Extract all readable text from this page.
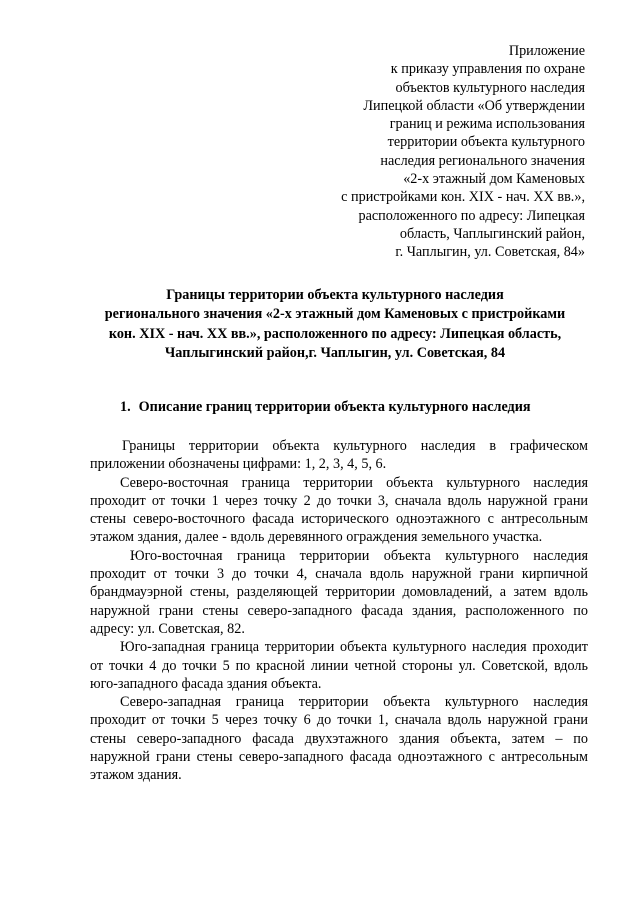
Приложение
к приказу управления по охране
объектов культурного наследия
Липецкой области «Об утверждении
границ и режима использования
территории объекта культурного
наследия регионального значения
«2-х этажный дом Каменовых
с пристройками кон. XIX - нач. XX вв.»,
расположенного по адресу: Липецкая
область, Чаплыгинский район,
г. Чаплыгин, ул. Советская, 84»
Границы территории объекта культурного наследия
регионального значения «2-х этажный дом Каменовых с пристройками
кон. XIX - нач. XX вв.», расположенного по адресу: Липецкая область,
Чаплыгинский район,г. Чаплыгин, ул. Советская, 84
1. Описание границ территории объекта культурного наследия

Границы территории объекта культурного наследия в графическом приложении обозначены цифрами: 1, 2, 3, 4, 5, 6.

Северо-восточная граница территории объекта культурного наследия проходит от точки 1 через точку 2 до точки 3, сначала вдоль наружной грани стены северо-восточного фасада исторического одноэтажного с антресольным этажом здания, далее - вдоль деревянного ограждения земельного участка.

Юго-восточная граница территории объекта культурного наследия проходит от точки 3 до точки 4, сначала вдоль наружной грани кирпичной брандмауэрной стены, разделяющей территории домовладений, а затем вдоль наружной грани стены северо-западного фасада здания, расположенного по адресу: ул. Советская, 82.

Юго-западная граница территории объекта культурного наследия проходит от точки 4 до точки 5 по красной линии четной стороны ул. Советской, вдоль юго-западного фасада здания объекта.

Северо-западная граница территории объекта культурного наследия проходит от точки 5 через точку 6 до точки 1, сначала вдоль наружной грани стены северо-западного фасада двухэтажного здания объекта, затем – по наружной грани стены северо-западного фасада одноэтажного с антресольным этажом здания.
